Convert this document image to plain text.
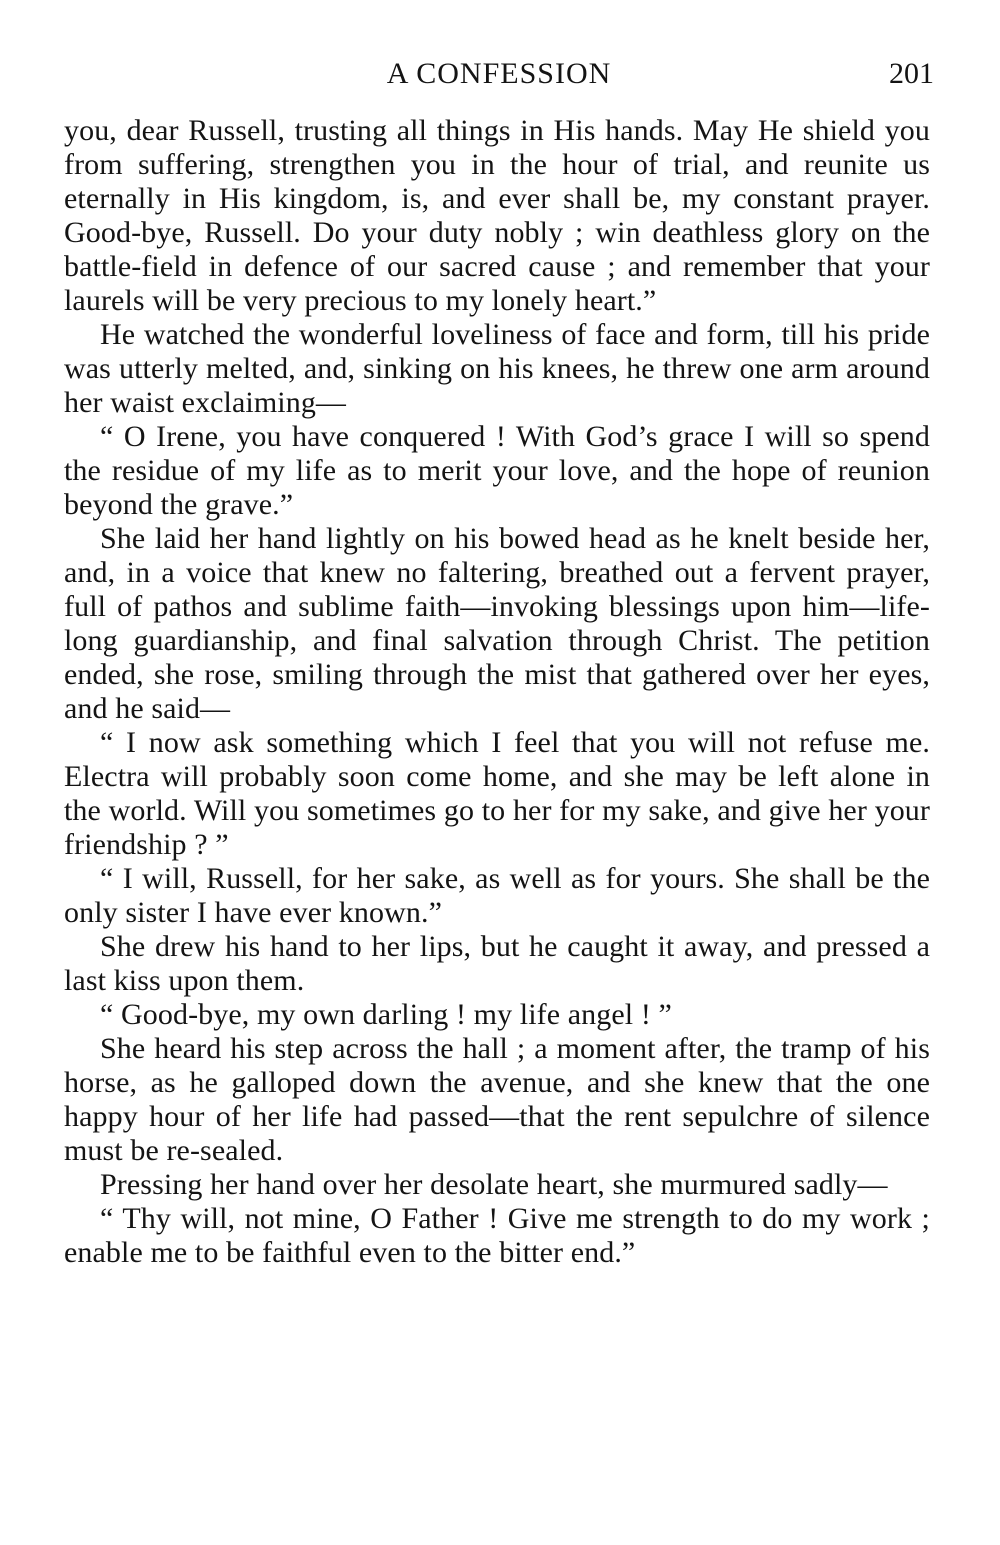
A CONFESSION	201

you, dear Russell, trusting all things in His hands. May He shield you from suffering, strengthen you in the hour of trial, and reunite us eternally in His kingdom, is, and ever shall be, my constant prayer. Good-bye, Russell. Do your duty nobly ; win deathless glory on the battle-field in defence of our sacred cause ; and remember that your laurels will be very precious to my lonely heart.”

He watched the wonderful loveliness of face and form, till his pride was utterly melted, and, sinking on his knees, he threw one arm around her waist exclaiming—

“ O Irene, you have conquered ! With God’s grace I will so spend the residue of my life as to merit your love, and the hope of reunion beyond the grave.”

She laid her hand lightly on his bowed head as he knelt beside her, and, in a voice that knew no faltering, breathed out a fervent prayer, full of pathos and sublime faith—invoking blessings upon him—life-long guardianship, and final salvation through Christ. The petition ended, she rose, smiling through the mist that gathered over her eyes, and he said—

“ I now ask something which I feel that you will not refuse me. Electra will probably soon come home, and she may be left alone in the world. Will you sometimes go to her for my sake, and give her your friendship ? ”

“ I will, Russell, for her sake, as well as for yours. She shall be the only sister I have ever known.”

She drew his hand to her lips, but he caught it away, and pressed a last kiss upon them.

“ Good-bye, my own darling ! my life angel ! ”

She heard his step across the hall ; a moment after, the tramp of his horse, as he galloped down the avenue, and she knew that the one happy hour of her life had passed—that the rent sepulchre of silence must be re-sealed.

Pressing her hand over her desolate heart, she murmured sadly—

“ Thy will, not mine, O Father ! Give me strength to do my work ; enable me to be faithful even to the bitter end.”
